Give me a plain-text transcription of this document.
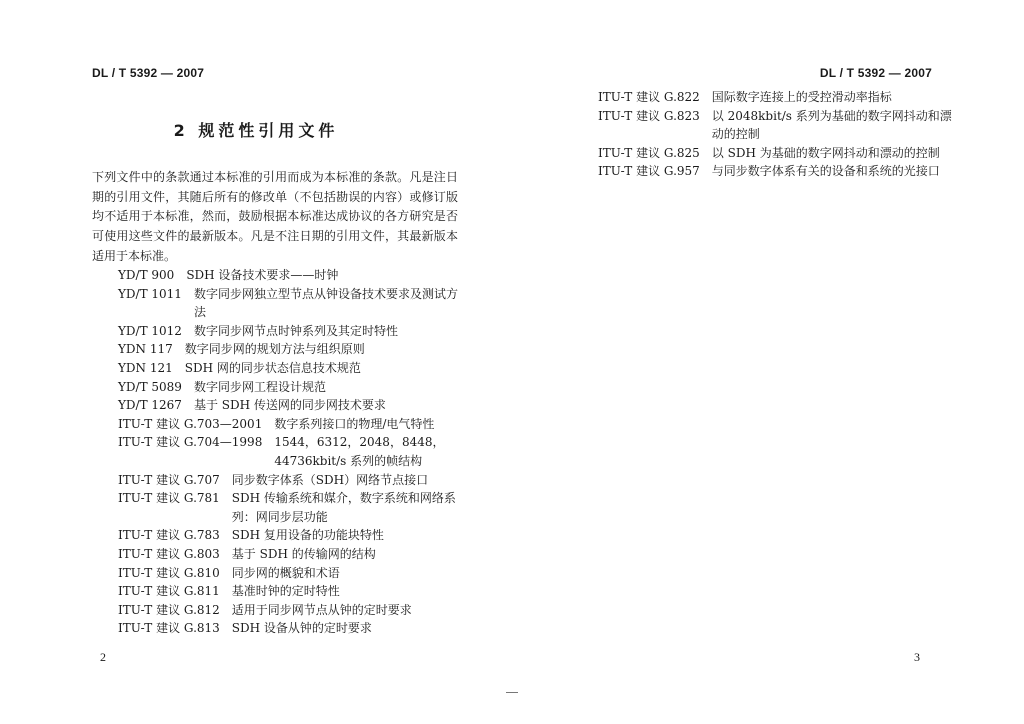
DL / T 5392 — 2007
2 规范性引用文件

下列文件中的条款通过本标准的引用而成为本标准的条款。凡是注日期的引用文件，其随后所有的修改单（不包括勘误的内容）或修订版均不适用于本标准，然而，鼓励根据本标准达成协议的各方研究是否可使用这些文件的最新版本。凡是不注日期的引用文件，其最新版本适用于本标准。

YD/T 900	SDH 设备技术要求——时钟
YD/T 1011	数字同步网独立型节点从钟设备技术要求及测试方法
YD/T 1012	数字同步网节点时钟系列及其定时特性
YDN 117	数字同步网的规划方法与组织原则
YDN 121	SDH 网的同步状态信息技术规范
YD/T 5089	数字同步网工程设计规范
YD/T 1267	基于 SDH 传送网的同步网技术要求
ITU-T 建议 G.703—2001	数字系列接口的物理/电气特性
ITU-T 建议 G.704—1998	1544，6312，2048，8448，44736kbit/s 系列的帧结构
ITU-T 建议 G.707	同步数字体系（SDH）网络节点接口
ITU-T 建议 G.781	SDH 传输系统和媒介，数字系统和网络系列：网同步层功能
ITU-T 建议 G.783	SDH 复用设备的功能块特性
ITU-T 建议 G.803	基于 SDH 的传输网的结构
ITU-T 建议 G.810	同步网的概貌和术语
ITU-T 建议 G.811	基准时钟的定时特性
ITU-T 建议 G.812	适用于同步网节点从钟的定时要求
ITU-T 建议 G.813	SDH 设备从钟的定时要求
2
DL / T 5392 — 2007
ITU-T 建议 G.822	国际数字连接上的受控滑动率指标
ITU-T 建议 G.823	以 2048kbit/s 系列为基础的数字网抖动和漂动的控制
ITU-T 建议 G.825	以 SDH 为基础的数字网抖动和漂动的控制
ITU-T 建议 G.957	与同步数字体系有关的设备和系统的光接口
3
